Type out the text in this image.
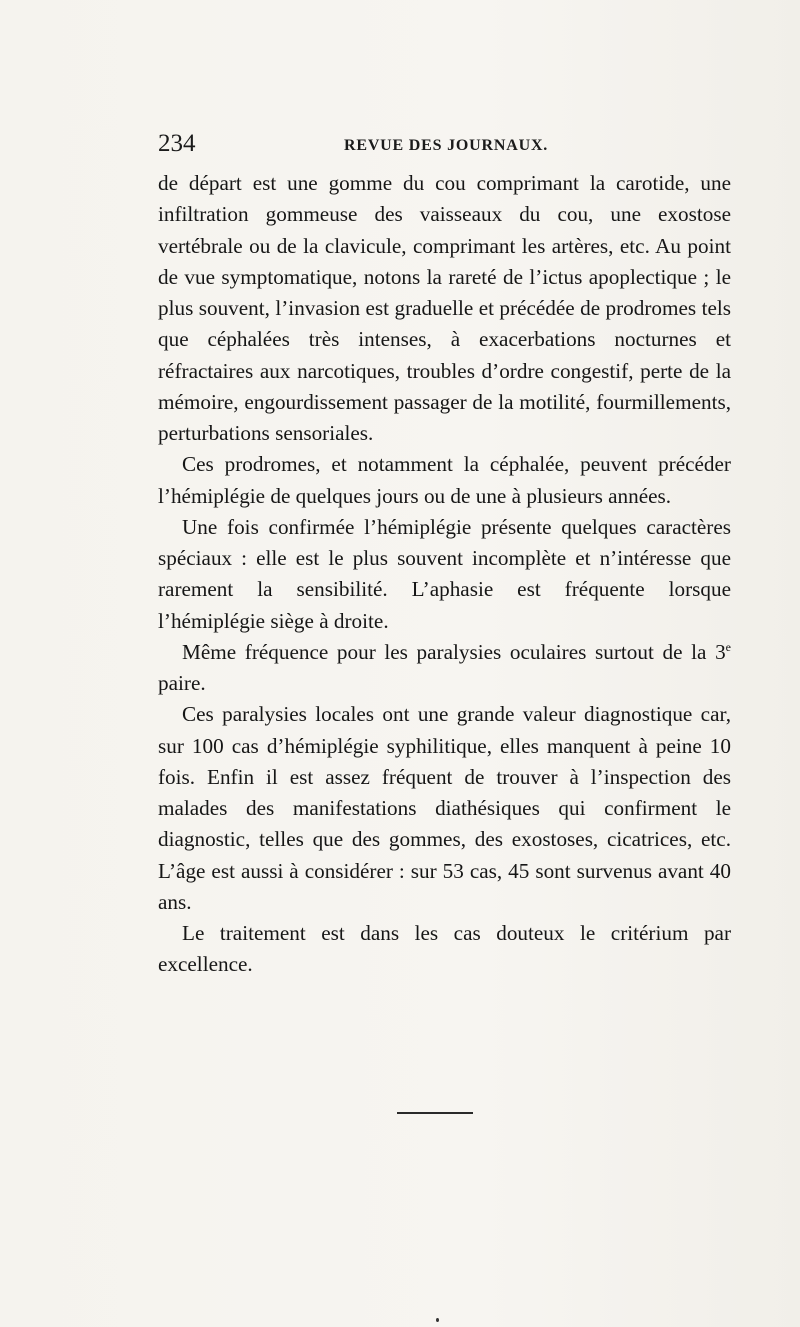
234	REVUE DES JOURNAUX.

de départ est une gomme du cou comprimant la carotide, une infiltration gommeuse des vaisseaux du cou, une exostose vertébrale ou de la clavicule, comprimant les artères, etc. Au point de vue symptomatique, notons la rareté de l’ictus apoplectique ; le plus souvent, l’invasion est graduelle et précédée de prodromes tels que céphalées très intenses, à exacerbations nocturnes et réfractaires aux narcotiques, troubles d’ordre congestif, perte de la mémoire, engourdissement passager de la motilité, fourmillements, perturbations sensoriales.

Ces prodromes, et notamment la céphalée, peuvent précéder l’hémiplégie de quelques jours ou de une à plusieurs années.

Une fois confirmée l’hémiplégie présente quelques caractères spéciaux : elle est le plus souvent incomplète et n’intéresse que rarement la sensibilité. L’aphasie est fréquente lorsque l’hémiplégie siège à droite.

Même fréquence pour les paralysies oculaires surtout de la 3e paire.

Ces paralysies locales ont une grande valeur diagnostique car, sur 100 cas d’hémiplégie syphilitique, elles manquent à peine 10 fois. Enfin il est assez fréquent de trouver à l’inspection des malades des manifestations diathésiques qui confirment le diagnostic, telles que des gommes, des exostoses, cicatrices, etc. L’âge est aussi à considérer : sur 53 cas, 45 sont survenus avant 40 ans.

Le traitement est dans les cas douteux le critérium par excellence.
